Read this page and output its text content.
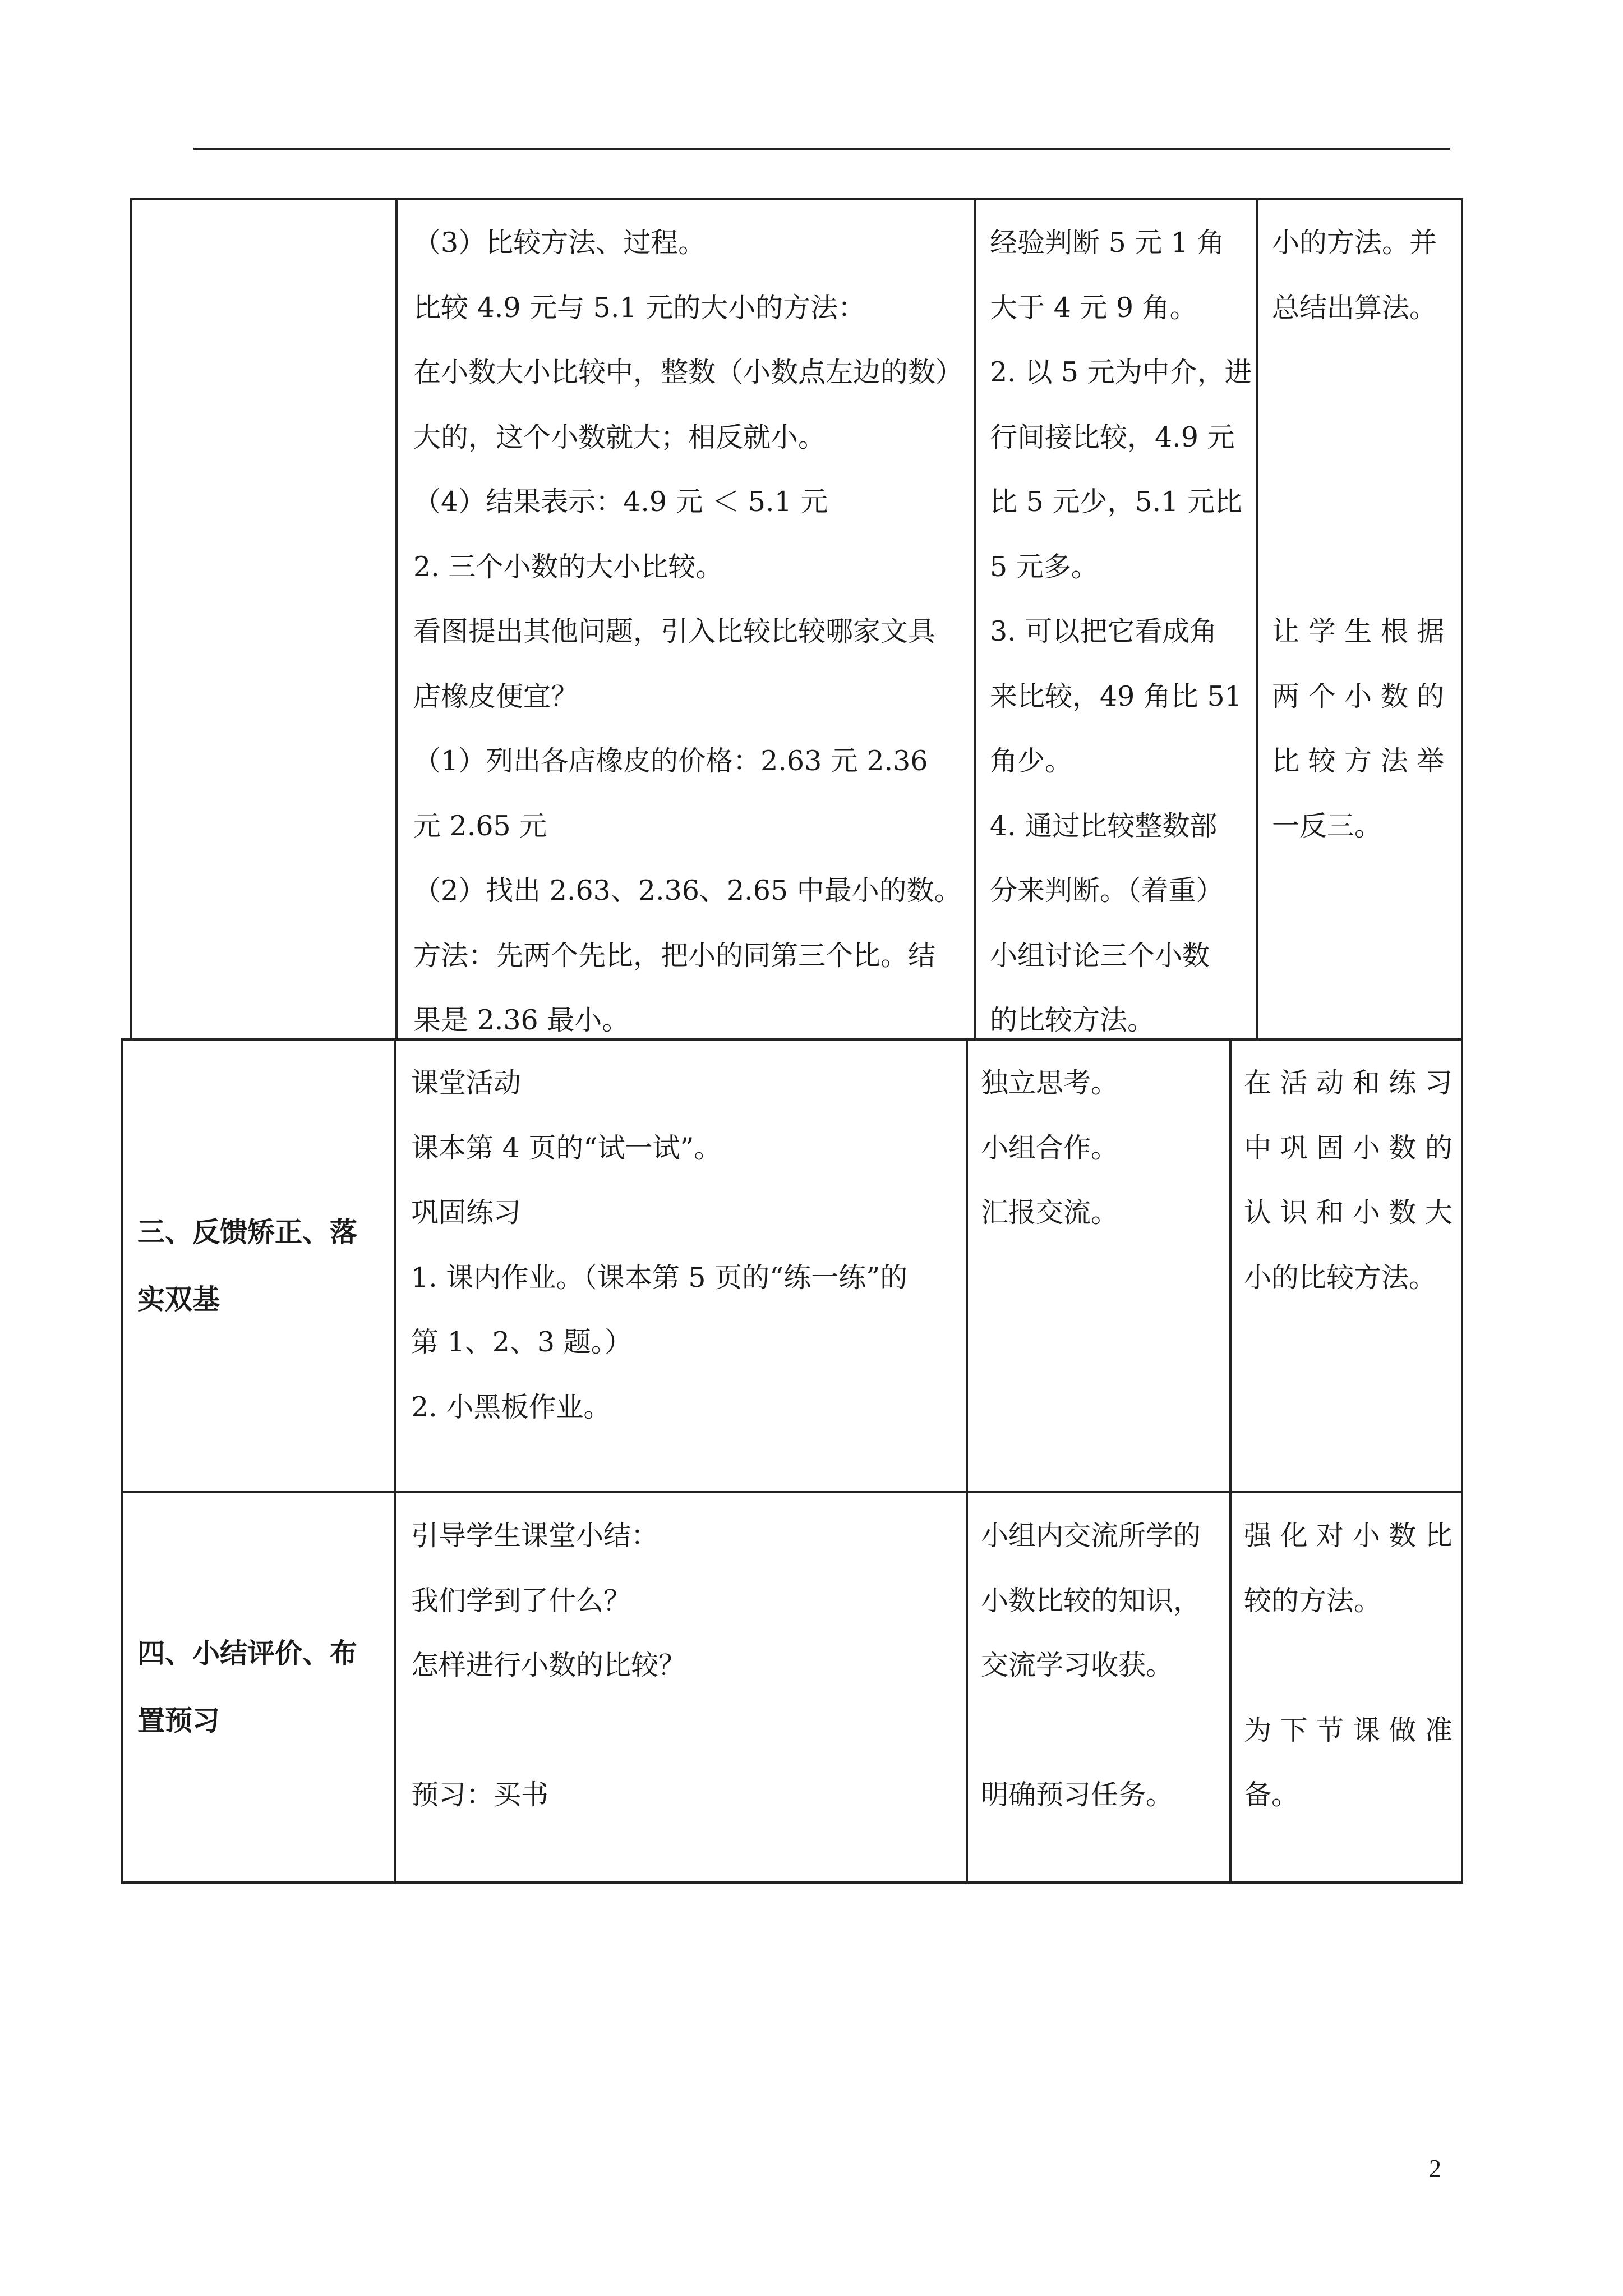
（3）比较方法、过程。

比较 4.9 元与 5.1 元的大小的方法：

在小数大小比较中，整数（小数点左边的数）

大的，这个小数就大；相反就小。

（4）结果表示：4.9 元 ＜ 5.1 元

2. 三个小数的大小比较。

看图提出其他问题，引入比较比较哪家文具

店橡皮便宜？

（1）列出各店橡皮的价格：2.63 元 2.36

元 2.65 元

（2）找出 2.63、2.36、2.65 中最小的数。

方法：先两个先比，把小的同第三个比。结

果是 2.36 最小。

经验判断 5 元 1 角

大于 4 元 9 角。

2. 以 5 元为中介，进

行间接比较，4.9 元

比 5 元少，5.1 元比

5 元多。

3. 可以把它看成角

来比较，49 角比 51

角少。

4. 通过比较整数部

分来判断。（着重）

小组讨论三个小数

的比较方法。

小的方法。并

总结出算法。

让 学 生 根 据

两 个 小 数 的

比 较 方 法 举

一反三。

三、反馈矫正、落

实双基

课堂活动

课本第 4 页的“试一试”。

巩固练习

1. 课内作业。（课本第 5 页的“练一练”的

第 1、2、3 题。）

2. 小黑板作业。

独立思考。

小组合作。

汇报交流。

在 活 动 和 练 习

中 巩 固 小 数 的

认 识 和 小 数 大

小的比较方法。

四、小结评价、布

置预习

引导学生课堂小结：

我们学到了什么？

怎样进行小数的比较？

预习：买书

小组内交流所学的

小数比较的知识，

交流学习收获。

明确预习任务。

强 化 对 小 数 比

较的方法。

为 下 节 课 做 准

备。

2
